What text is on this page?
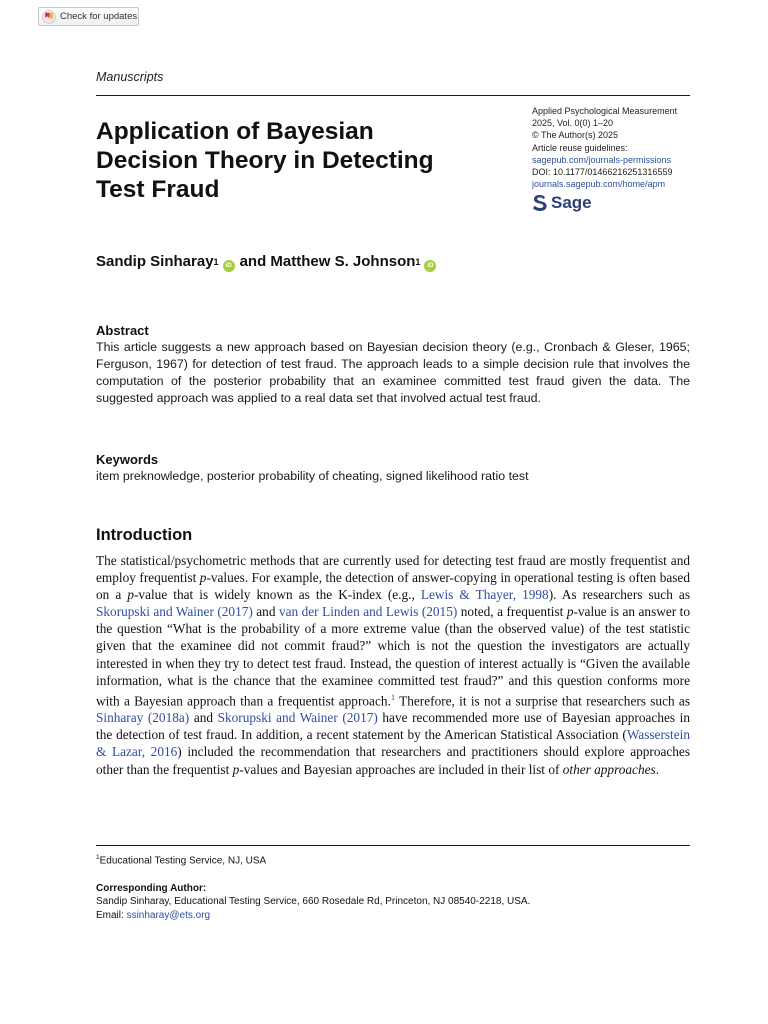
Check for updates
Manuscripts
Application of Bayesian
Decision Theory in Detecting
Test Fraud
Applied Psychological Measurement
2025, Vol. 0(0) 1–20
© The Author(s) 2025
Article reuse guidelines:
sagepub.com/journals-permissions
DOI: 10.1177/01466216251316559
journals.sagepub.com/home/apm
Sage
Sandip Sinharay$^1$	iD and
Matthew S. Johnson$^1$	iD
Abstract

This article suggests a new approach based on Bayesian decision theory (e.g., Cronbach & Gleser, 1965; Ferguson, 1967) for detection of test fraud. The approach leads to a simple decision rule that involves the computation of the posterior probability that an examinee committed test fraud given the data. The suggested approach was applied to a real data set that involved actual test fraud.

Keywords

item preknowledge, posterior probability of cheating, signed likelihood ratio test

Introduction

The statistical/psychometric methods that are currently used for detecting test fraud are mostly frequentist and employ frequentist p-values. For example, the detection of answer-copying in operational testing is often based on a p-value that is widely known as the K-index (e.g., Lewis & Thayer, 1998). As researchers such as Skorupski and Wainer (2017) and van der Linden and Lewis (2015) noted, a frequentist p-value is an answer to the question “What is the probability of a more extreme value (than the observed value) of the test statistic given that the examinee did not commit fraud?” which is not the question the investigators are actually interested in when they try to detect test fraud. Instead, the question of interest actually is “Given the available information, what is the chance that the examinee committed test fraud?” and this question conforms more with a Bayesian approach than a frequentist approach.$^1$ Therefore, it is not a surprise that researchers such as Sinharay (2018a) and Skorupski and Wainer (2017) have recommended more use of Bayesian approaches in the detection of test fraud. In addition, a recent statement by the American Statistical Association (Wasserstein & Lazar, 2016) included the recommendation that researchers and practitioners should explore approaches other than the frequentist p-values and Bayesian approaches are included in their list of other approaches.

$^1$Educational Testing Service, NJ, USA
Corresponding Author:
Sandip Sinharay, Educational Testing Service, 660 Rosedale Rd, Princeton, NJ 08540-2218, USA.
Email: ssinharay@ets.org
